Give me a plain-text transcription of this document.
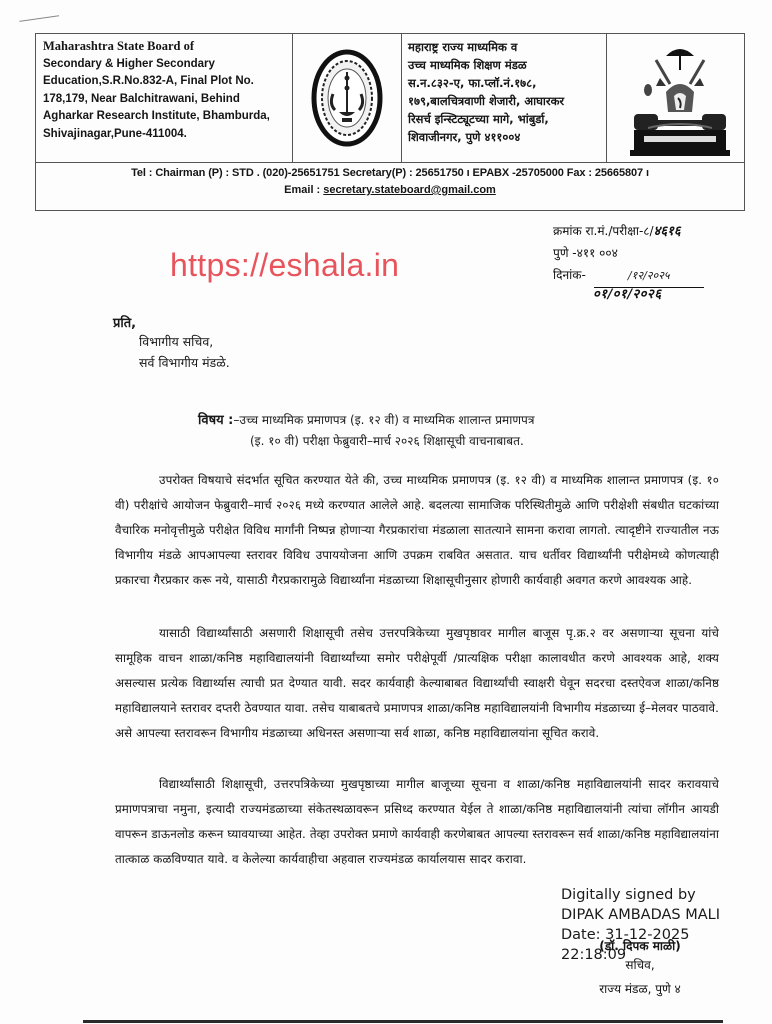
Maharashtra State Board of
Secondary & Higher Secondary
Education,S.R.No.832-A, Final Plot No.
178,179, Near Balchitrawani, Behind
Agharkar Research Institute, Bhamburda,
Shivajinagar,Pune-411004.
महाराष्ट्र राज्य माध्यमिक व
उच्च माध्यमिक शिक्षण मंडळ
स.न.८३२-ए, फा.प्लॉ.नं.१७८,
१७९,बालचित्रवाणी शेजारी, आघारकर
रिसर्च इन्स्टिट्यूटच्या मागे, भांबुर्डा,
शिवाजीनगर, पुणे ४११००४
Tel : Chairman (P) : STD . (020)-25651751 Secretary(P) : 25651750 ı EPABX -25705000 Fax : 25665807 ı
Email : secretary.stateboard@gmail.com
क्रमांक रा.मं./परीक्षा-८/४६१६
पुणे -४११ ००४
दिनांक-	/१२/२०२५
०१/०१/२०२६
https://eshala.in
प्रति,
विभागीय सचिव,
सर्व विभागीय मंडळे.
विषय :–उच्च माध्यमिक प्रमाणपत्र (इ. १२ वी) व माध्यमिक शालान्त प्रमाणपत्र
(इ. १० वी) परीक्षा फेब्रुवारी–मार्च २०२६ शिक्षासूची वाचनाबाबत.
उपरोक्त विषयाचे संदर्भात सूचित करण्यात येते की, उच्च माध्यमिक प्रमाणपत्र (इ. १२ वी) व माध्यमिक शालान्त प्रमाणपत्र (इ. १० वी) परीक्षांचे आयोजन फेब्रुवारी–मार्च २०२६ मध्ये करण्यात आलेले आहे. बदलत्या सामाजिक परिस्थितीमुळे आणि परीक्षेशी संबधीत घटकांच्या वैचारिक मनोवृत्तीमुळे परीक्षेत विविध मार्गांनी निष्पन्न होणाऱ्या गैरप्रकारांचा मंडळाला सातत्याने सामना करावा लागतो. त्यादृष्टीने राज्यातील नऊ विभागीय मंडळे आपआपल्या स्तरावर विविध उपाययोजना आणि उपक्रम राबवित असतात. याच धर्तीवर विद्यार्थ्यांनी परीक्षेमध्ये कोणत्याही प्रकारचा गैरप्रकार करू नये, यासाठी गैरप्रकारामुळे विद्यार्थ्यांना मंडळाच्या शिक्षासूचीनुसार होणारी कार्यवाही अवगत करणे आवश्यक आहे.
यासाठी विद्यार्थ्यांसाठी असणारी शिक्षासूची तसेच उत्तरपत्रिकेच्या मुखपृष्ठावर मागील बाजूस पृ.क्र.२ वर असणाऱ्या सूचना यांचे सामूहिक वाचन शाळा/कनिष्ठ महाविद्यालयांनी विद्यार्थ्यांच्या समोर परीक्षेपूर्वी /प्रात्यक्षिक परीक्षा कालावधीत करणे आवश्यक आहे, शक्य असल्यास प्रत्येक विद्यार्थ्यास त्याची प्रत देण्यात यावी. सदर कार्यवाही केल्याबाबत विद्यार्थ्यांची स्वाक्षरी घेवून सदरचा दस्तऐवज शाळा/कनिष्ठ महाविद्यालयाने स्तरावर दप्तरी ठेवण्यात यावा. तसेच याबाबतचे प्रमाणपत्र शाळा/कनिष्ठ महाविद्यालयांनी विभागीय मंडळाच्या ई–मेलवर पाठवावे. असे आपल्या स्तरावरून विभागीय मंडळाच्या अधिनस्त असणाऱ्या सर्व शाळा, कनिष्ठ महाविद्यालयांना सूचित करावे.
विद्यार्थ्यांसाठी शिक्षासूची, उत्तरपत्रिकेच्या मुखपृष्ठाच्या मागील बाजूच्या सूचना व शाळा/कनिष्ठ महाविद्यालयांनी सादर करावयाचे प्रमाणपत्राचा नमुना, इत्यादी राज्यमंडळाच्या संकेतस्थळावरून प्रसिध्द करण्यात येईल ते शाळा/कनिष्ठ महाविद्यालयांनी त्यांचा लॉगीन आयडी वापरून डाऊनलोड करून घ्यावयाच्या आहेत. तेव्हा उपरोक्त प्रमाणे कार्यवाही करणेबाबत आपल्या स्तरावरून सर्व शाळा/कनिष्ठ महाविद्यालयांना तात्काळ कळविण्यात यावे. व केलेल्या कार्यवाहीचा अहवाल राज्यमंडळ कार्यालयास सादर करावा.
Digitally signed by
DIPAK AMBADAS MALI
Date: 31-12-2025
22:18:09
(डॉ. दिपक माळी)
सचिव,
राज्य मंडळ, पुणे ४
